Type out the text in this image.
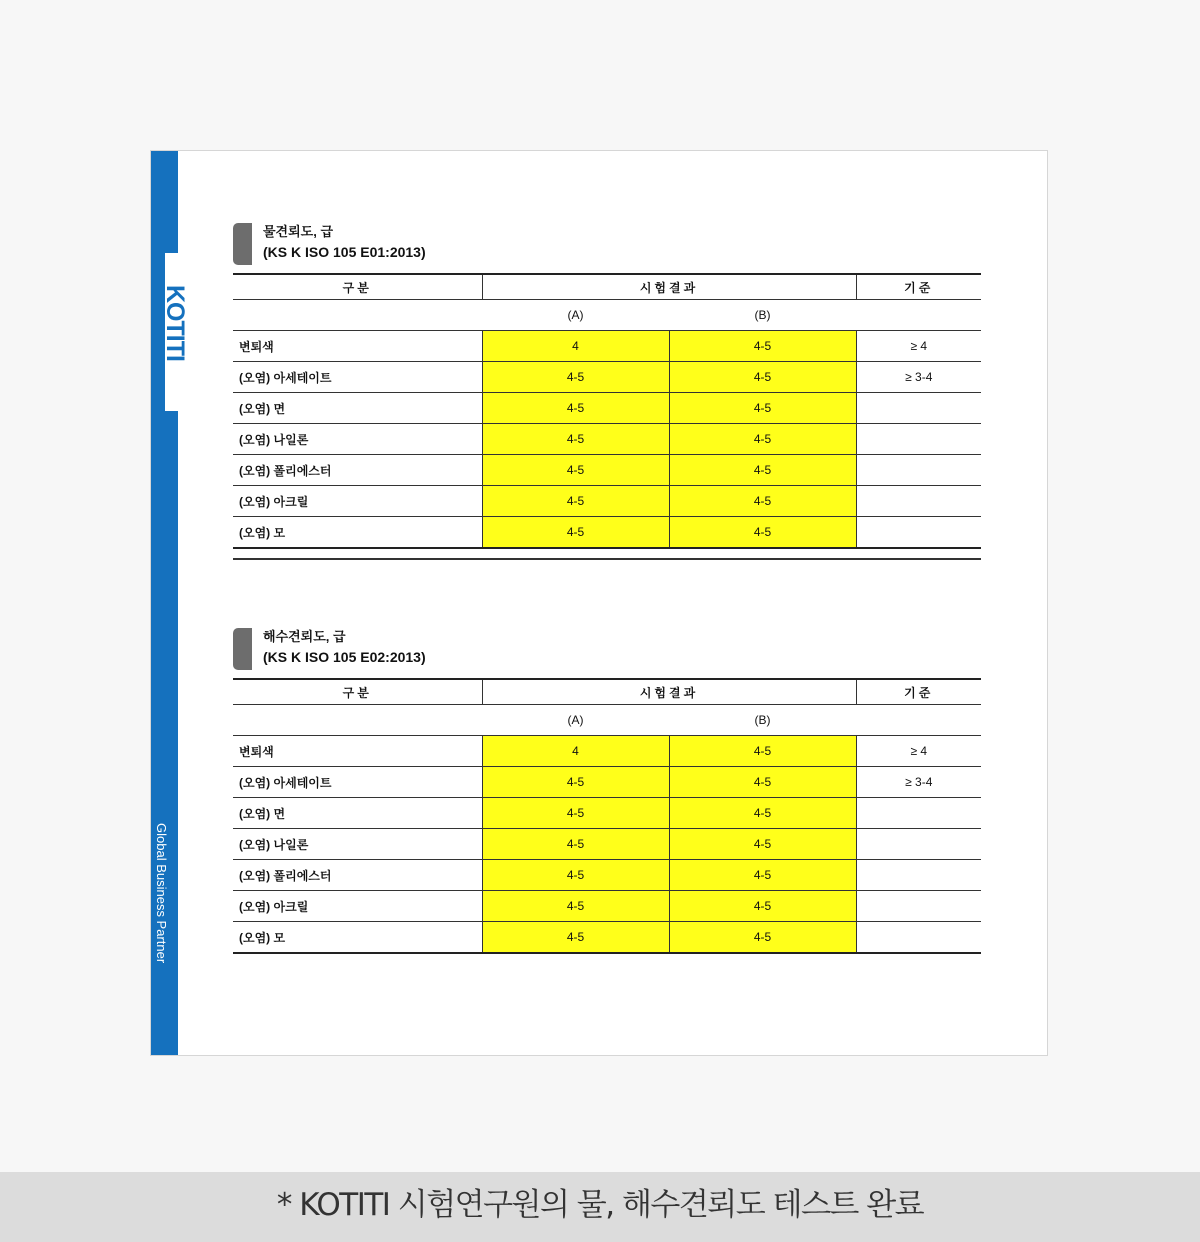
Global Business Partner
KOTITI
물견뢰도, 급
(KS K ISO 105 E01:2013)
구분	시험결과		기준
	(A)	(B)	
변퇴색	4	4-5	≥ 4
(오염) 아세테이트	4-5	4-5	≥ 3-4
(오염) 면	4-5	4-5	
(오염) 나일론	4-5	4-5	
(오염) 폴리에스터	4-5	4-5	
(오염) 아크릴	4-5	4-5	
(오염) 모	4-5	4-5	
해수견뢰도, 급
(KS K ISO 105 E02:2013)
구분	시험결과		기준
	(A)	(B)	
변퇴색	4	4-5	≥ 4
(오염) 아세테이트	4-5	4-5	≥ 3-4
(오염) 면	4-5	4-5	
(오염) 나일론	4-5	4-5	
(오염) 폴리에스터	4-5	4-5	
(오염) 아크릴	4-5	4-5	
(오염) 모	4-5	4-5	
* KOTITI 시험연구원의 물, 해수견뢰도 테스트 완료
